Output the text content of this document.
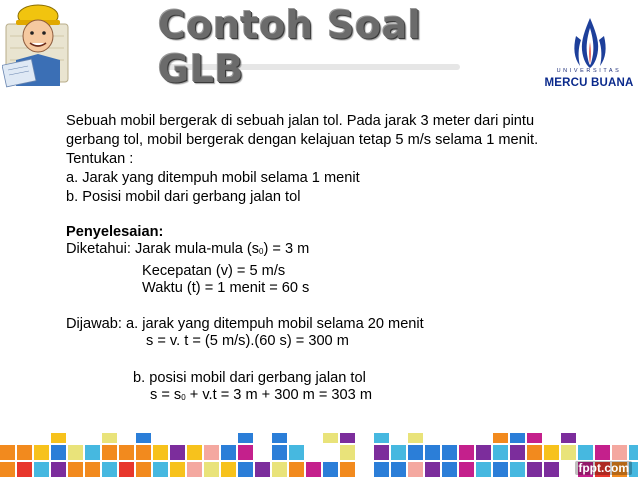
Contoh Soal GLB	UNIVERSITAS
MERCU BUANA
Sebuah mobil bergerak di sebuah jalan tol. Pada jarak 3 meter dari pintu
gerbang tol, mobil bergerak dengan kelajuan tetap 5 m/s selama 1 menit.
Tentukan :
a. Jarak yang ditempuh mobil selama 1 menit
b. Posisi mobil dari gerbang jalan tol
Penyelesaian:
Diketahui: Jarak mula-mula $(s_0) = 3$ m
Kecepatan (v) = 5 m/s
Waktu (t) = 1 menit = 60 s
Dijawab: a. jarak yang ditempuh mobil selama 20 menit
s = v. t = (5 m/s).(60 s) = 300 m
b. posisi mobil dari gerbang jalan tol
$s = s_0 + v.t = 3$ m + 300 m = 303 m
fppt.com
